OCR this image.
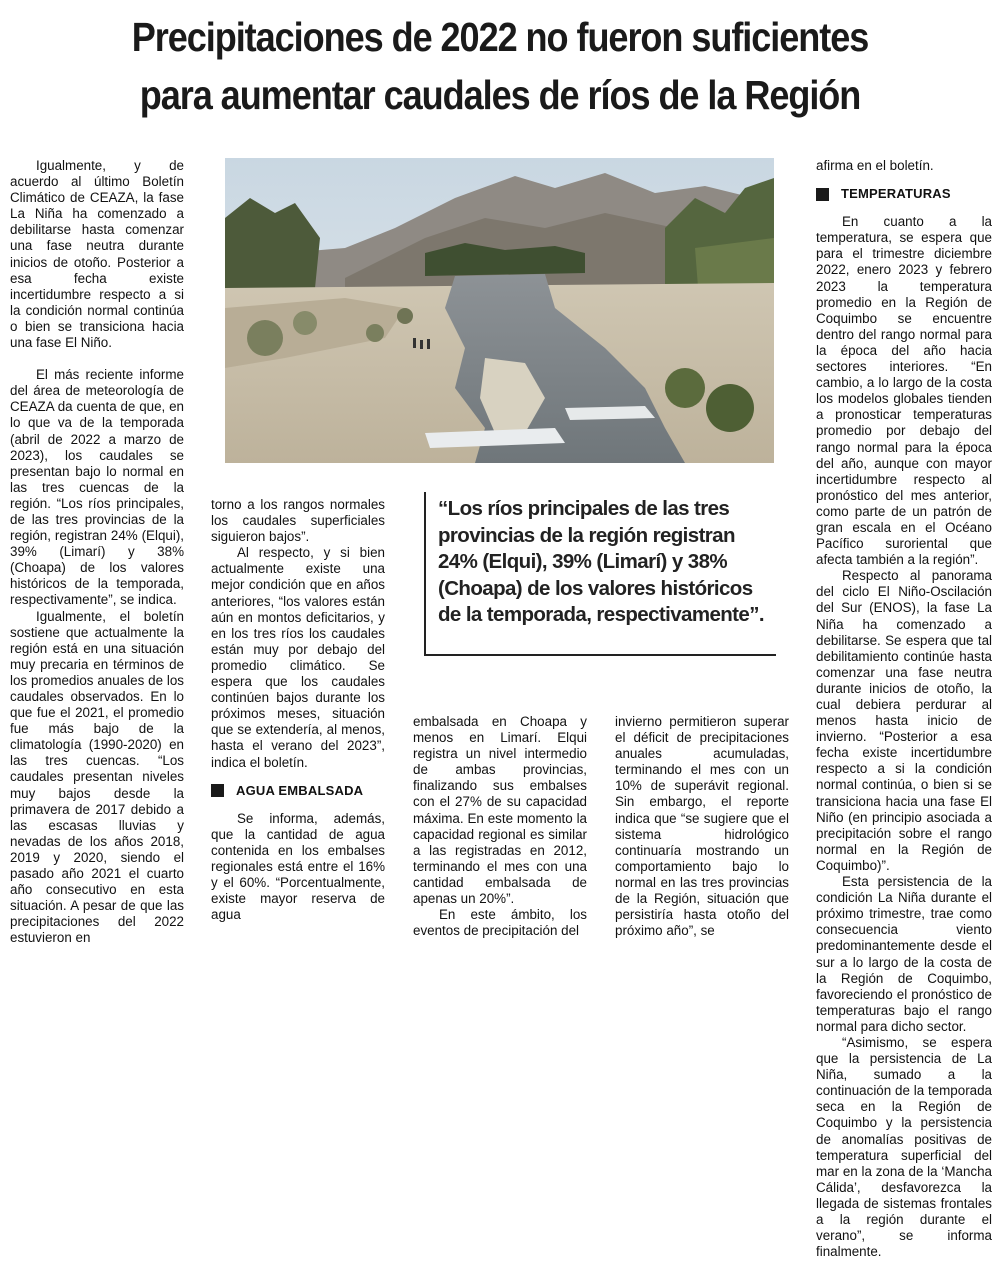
Precipitaciones de 2022 no fueron suficientes
para aumentar caudales de ríos de la Región

“Los ríos principales de las tres provincias de la región registran 24% (Elqui), 39% (Limarí) y 38% (Choapa) de los valores históricos de la temporada, respectivamente”.

Igualmente, y de acuerdo al último Boletín Climático de CEAZA, la fase La Niña ha comenzado a debilitarse hasta comenzar una fase neutra durante inicios de otoño. Posterior a esa fecha existe incertidumbre respecto a si la condición normal continúa o bien se transiciona hacia una fase El Niño.

El más reciente informe del área de meteorología de CEAZA da cuenta de que, en lo que va de la temporada (abril de 2022 a marzo de 2023), los caudales se presentan bajo lo normal en las tres cuencas de la región. “Los ríos principales, de las tres provincias de la región, registran 24% (Elqui), 39% (Limarí) y 38% (Choapa) de los valores históricos de la temporada, respectivamente”, se indica.

Igualmente, el boletín sostiene que actualmente la región está en una situación muy precaria en términos de los promedios anuales de los caudales observados. En lo que fue el 2021, el promedio fue más bajo de la climatología (1990-2020) en las tres cuencas. “Los caudales presentan niveles muy bajos desde la primavera de 2017 debido a las escasas lluvias y nevadas de los años 2018, 2019 y 2020, siendo el pasado año 2021 el cuarto año consecutivo en esta situación. A pesar de que las precipitaciones del 2022 estuvieron en

torno a los rangos normales los caudales superficiales siguieron bajos”.

Al respecto, y si bien actualmente existe una mejor condición que en años anteriores, “los valores están aún en montos deficitarios, y en los tres ríos los caudales están muy por debajo del promedio climático. Se espera que los caudales continúen bajos durante los próximos meses, situación que se extendería, al menos, hasta el verano del 2023”, indica el boletín.

AGUA EMBALSADA

Se informa, además, que la cantidad de agua contenida en los embalses regionales está entre el 16% y el 60%. “Porcentualmente, existe mayor reserva de agua

embalsada en Choapa y menos en Limarí. Elqui registra un nivel intermedio de ambas provincias, finalizando sus embalses con el 27% de su capacidad máxima. En este momento la capacidad regional es similar a las registradas en 2012, terminando el mes con una cantidad embalsada de apenas un 20%”.

En este ámbito, los eventos de precipitación del

invierno permitieron superar el déficit de precipitaciones anuales acumuladas, terminando el mes con un 10% de superávit regional. Sin embargo, el reporte indica que “se sugiere que el sistema hidrológico continuaría mostrando un comportamiento bajo lo normal en las tres provincias de la Región, situación que persistiría hasta otoño del próximo año”, se

afirma en el boletín.

TEMPERATURAS

En cuanto a la temperatura, se espera que para el trimestre diciembre 2022, enero 2023 y febrero 2023 la temperatura promedio en la Región de Coquimbo se encuentre dentro del rango normal para la época del año hacia sectores interiores. “En cambio, a lo largo de la costa los modelos globales tienden a pronosticar temperaturas promedio por debajo del rango normal para la época del año, aunque con mayor incertidumbre respecto al pronóstico del mes anterior, como parte de un patrón de gran escala en el Océano Pacífico suroriental que afecta también a la región”.

Respecto al panorama del ciclo El Niño-Oscilación del Sur (ENOS), la fase La Niña ha comenzado a debilitarse. Se espera que tal debilitamiento continúe hasta comenzar una fase neutra durante inicios de otoño, la cual debiera perdurar al menos hasta inicio de invierno. “Posterior a esa fecha existe incertidumbre respecto a si la condición normal continúa, o bien si se transiciona hacia una fase El Niño (en principio asociada a precipitación sobre el rango normal en la Región de Coquimbo)”.

Esta persistencia de la condición La Niña durante el próximo trimestre, trae como consecuencia viento predominantemente desde el sur a lo largo de la costa de la Región de Coquimbo, favoreciendo el pronóstico de temperaturas bajo el rango normal para dicho sector.

“Asimismo, se espera que la persistencia de La Niña, sumado a la continuación de la temporada seca en la Región de Coquimbo y la persistencia de anomalías positivas de temperatura superficial del mar en la zona de la ‘Mancha Cálida’, desfavorezca la llegada de sistemas frontales a la región durante el verano”, se informa finalmente.
